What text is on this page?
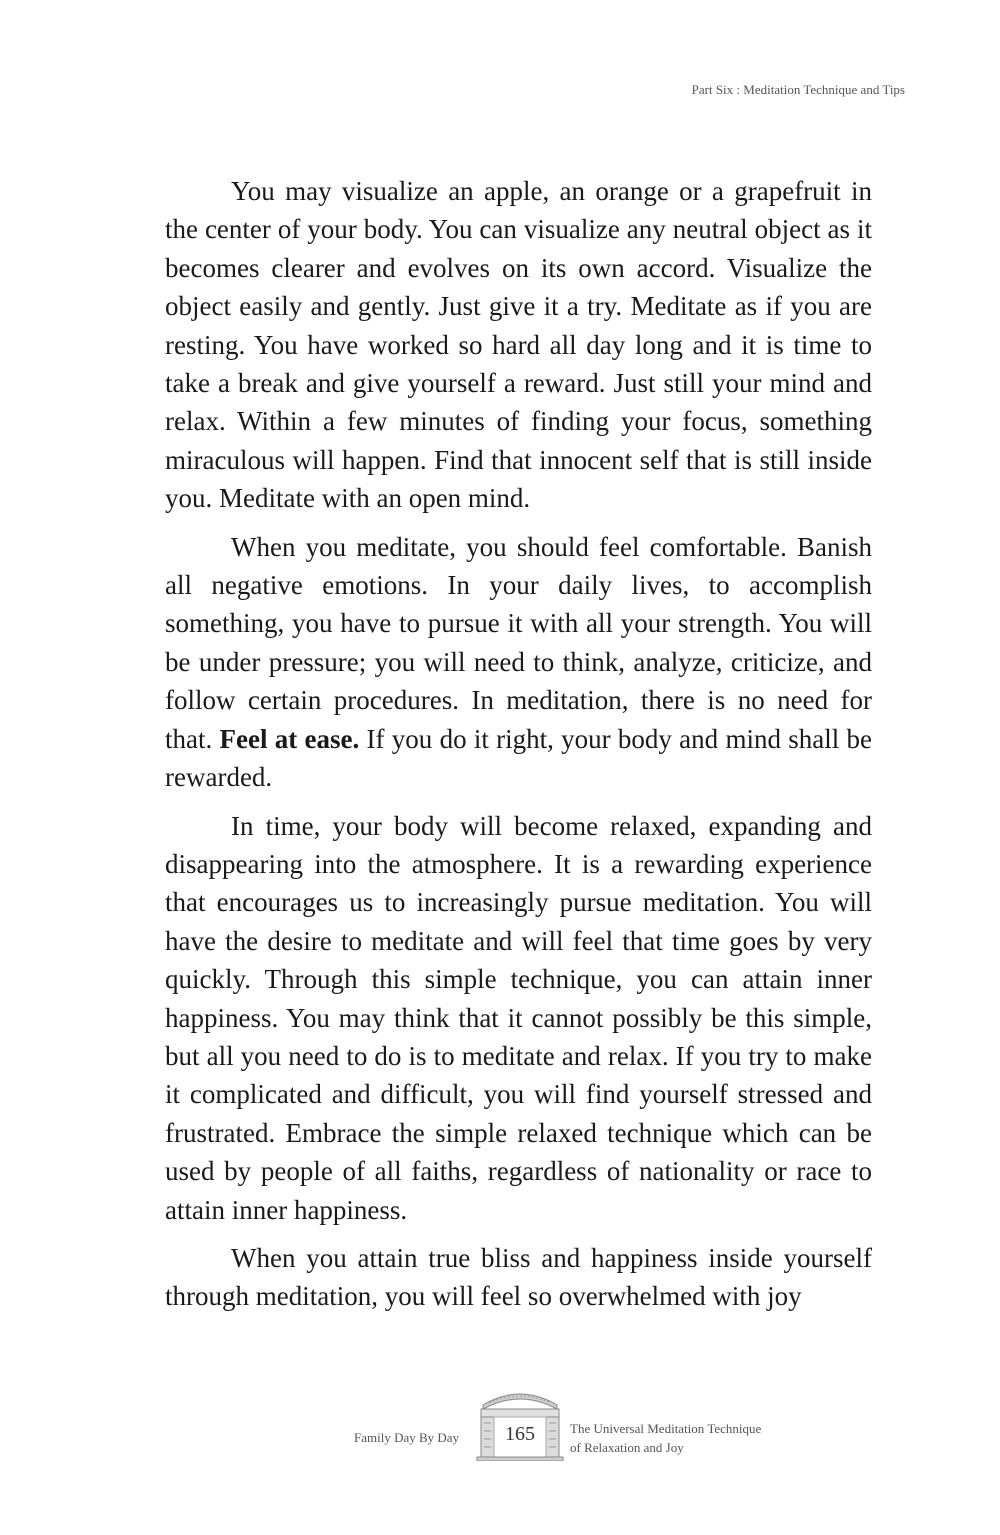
Part Six : Meditation Technique and Tips

You may visualize an apple, an orange or a grapefruit in the center of your body. You can visualize any neutral object as it becomes clearer and evolves on its own accord. Visualize the object easily and gently. Just give it a try. Meditate as if you are resting. You have worked so hard all day long and it is time to take a break and give yourself a reward. Just still your mind and relax. Within a few minutes of finding your focus, something miraculous will happen. Find that innocent self that is still inside you. Meditate with an open mind.

When you meditate, you should feel comfortable. Banish all negative emotions. In your daily lives, to accomplish something, you have to pursue it with all your strength. You will be under pressure; you will need to think, analyze, criticize, and follow certain procedures. In meditation, there is no need for that. Feel at ease. If you do it right, your body and mind shall be rewarded.

In time, your body will become relaxed, expanding and disappearing into the atmosphere. It is a rewarding experience that encourages us to increasingly pursue meditation. You will have the desire to meditate and will feel that time goes by very quickly. Through this simple technique, you can attain inner happiness. You may think that it cannot possibly be this simple, but all you need to do is to meditate and relax. If you try to make it complicated and difficult, you will find yourself stressed and frustrated. Embrace the simple relaxed technique which can be used by people of all faiths, regardless of nationality or race to attain inner happiness.

When you attain true bliss and happiness inside yourself through meditation, you will feel so overwhelmed with joy

Family Day By Day	165	The Universal Meditation Technique
of Relaxation and Joy
